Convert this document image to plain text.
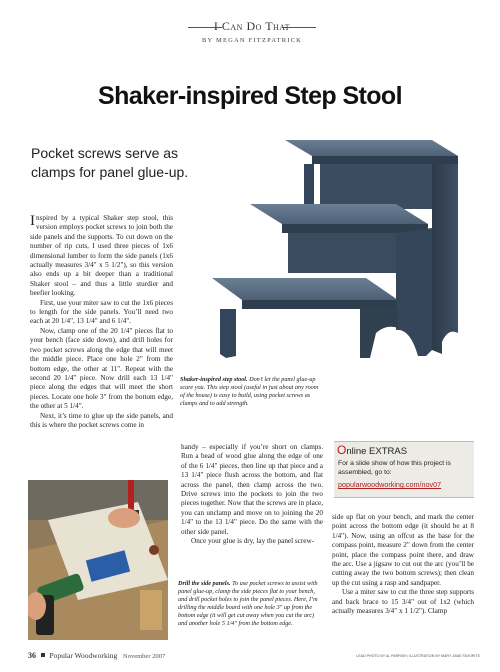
I Can Do That
BY MEGAN FITZPATRICK
Shaker-inspired Step Stool
Pocket screws serve as clamps for panel glue-up.
Shaker-inspired step stool. Don’t let the panel glue-up scare you. This step stool (useful in just about any room of the house) is easy to build, using pocket screws as clamps and to add strength.

Inspired by a typical Shaker step stool, this version employs pocket screws to join both the side panels and the supports. To cut down on the number of rip cuts, I used three pieces of 1x6 dimensional lumber to form the side panels (1x6 actually measures 3/4" x 5 1/2"), so this version also ends up a bit deeper than a traditional Shaker stool – and thus a little sturdier and beefier looking.

First, use your miter saw to cut the 1x6 pieces to length for the side panels. You’ll need two each at 20 1/4", 13 1/4" and 6 1/4".

Now, clamp one of the 20 1/4" pieces flat to your bench (face side down), and drill holes for two pocket screws along the edge that will meet the middle piece. Place one hole 2" from the bottom edge, the other at 11". Repeat with the second 20 1/4" piece. Now drill each 13 1/4" piece along the edges that will meet the short pieces. Locate one hole 3" from the bottom edge, the other at 5 1/4".

Next, it’s time to glue up the side panels, and this is where the pocket screws come in

handy – especially if you’re short on clamps. Run a bead of wood glue along the edge of one of the 6 1/4" pieces, then line up that piece and a 13 1/4" piece flush across the bottom, and flat across the panel, then clamp across the two. Drive screws into the pockets to join the two pieces together. Now that the screws are in place, you can unclamp and move on to joining the 20 1/4" to the 13 1/4" piece. Do the same with the other side panel.

Once your glue is dry, lay the panel screw-

Online EXTRAS
For a slide show of how this project is assembled, go to:
popularwoodworking.com/nov07

side up flat on your bench, and mark the center point across the bottom edge (it should be at 8 1/4"). Now, using an offcut as the base for the compass point, measure 2" down from the center point, place the compass point there, and draw the arc. Use a jigsaw to cut out the arc (you’ll be cutting away the two bottom screws); then clean up the cut using a rasp and sandpaper.

Use a miter saw to cut the three step supports and back brace to 15 3/4" out of 1x2 (which actually measures 3/4" x 1 1/2"). Clamp

Drill the side panels. To use pocket screws to assist with panel glue-up, clamp the side pieces flat to your bench, and drill pocket holes to join the panel pieces. Here, I’m drilling the middle board with one hole 3" up from the bottom edge (it will get cut away when you cut the arc) and another hole 5 1/4" from the bottom edge.
36 Popular Woodworking November 2007	LEAD PHOTO BY AL PARRISH; ILLUSTRATION BY MARY JANE FAVORITE
